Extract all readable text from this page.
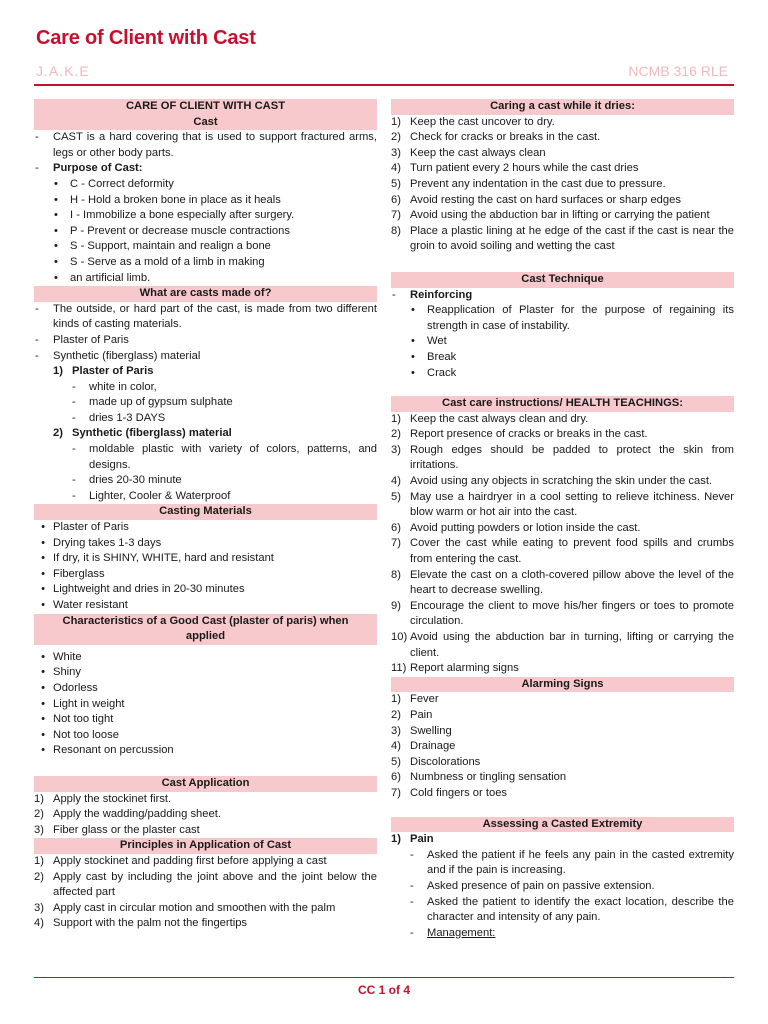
Care of Client with Cast
J.A.K.E	NCMB 316 RLE
CARE OF CLIENT WITH CAST
Cast
-	CAST is a hard covering that is used to support fractured arms, legs or other body parts.
-	Purpose of Cast:
•	C - Correct deformity
•	H - Hold a broken bone in place as it heals
•	I - Immobilize a bone especially after surgery.
•	P - Prevent or decrease muscle contractions
•	S - Support, maintain and realign a bone
•	S - Serve as a mold of a limb in making
•	an artificial limb.
What are casts made of?
-	The outside, or hard part of the cast, is made from two different kinds of casting materials.
-	Plaster of Paris
-	Synthetic (fiberglass) material
1) Plaster of Paris
-	white in color,
-	made up of gypsum sulphate
-	dries 1-3 DAYS
2) Synthetic (fiberglass) material
-	moldable plastic with variety of colors, patterns, and designs.
-	dries 20-30 minute
-	Lighter, Cooler & Waterproof
Casting Materials
• Plaster of Paris
• Drying takes 1-3 days
• If dry, it is SHINY, WHITE, hard and resistant
• Fiberglass
• Lightweight and dries in 20-30 minutes
• Water resistant
Characteristics of a Good Cast (plaster of paris) when applied
• White
• Shiny
• Odorless
• Light in weight
• Not too tight
• Not too loose
• Resonant on percussion
Cast Application
1) Apply the stockinet first.
2) Apply the wadding/padding sheet.
3) Fiber glass or the plaster cast
Principles in Application of Cast
1) Apply stockinet and padding first before applying a cast
2) Apply cast by including the joint above and the joint below the affected part
3) Apply cast in circular motion and smoothen with the palm
4) Support with the palm not the fingertips
Caring a cast while it dries:
1) Keep the cast uncover to dry.
2) Check for cracks or breaks in the cast.
3) Keep the cast always clean
4) Turn patient every 2 hours while the cast dries
5) Prevent any indentation in the cast due to pressure.
6) Avoid resting the cast on hard surfaces or sharp edges
7) Avoid using the abduction bar in lifting or carrying the patient
8) Place a plastic lining at he edge of the cast if the cast is near the groin to avoid soiling and wetting the cast
Cast Technique
-	Reinforcing
•	Reapplication of Plaster for the purpose of regaining its strength in case of instability.
•	Wet
•	Break
•	Crack
Cast care instructions/ HEALTH TEACHINGS:
1) Keep the cast always clean and dry.
2) Report presence of cracks or breaks in the cast.
3) Rough edges should be padded to protect the skin from irritations.
4) Avoid using any objects in scratching the skin under the cast.
5) May use a hairdryer in a cool setting to relieve itchiness. Never blow warm or hot air into the cast.
6) Avoid putting powders or lotion inside the cast.
7) Cover the cast while eating to prevent food spills and crumbs from entering the cast.
8) Elevate the cast on a cloth-covered pillow above the level of the heart to decrease swelling.
9) Encourage the client to move his/her fingers or toes to promote circulation.
10) Avoid using the abduction bar in turning, lifting or carrying the client.
11) Report alarming signs
Alarming Signs
1) Fever
2) Pain
3) Swelling
4) Drainage
5) Discolorations
6) Numbness or tingling sensation
7) Cold fingers or toes
Assessing a Casted Extremity
1) Pain
-	Asked the patient if he feels any pain in the casted extremity and if the pain is increasing.
-	Asked presence of pain on passive extension.
-	Asked the patient to identify the exact location, describe the character and intensity of any pain.
-	Management:
CC 1 of 4
